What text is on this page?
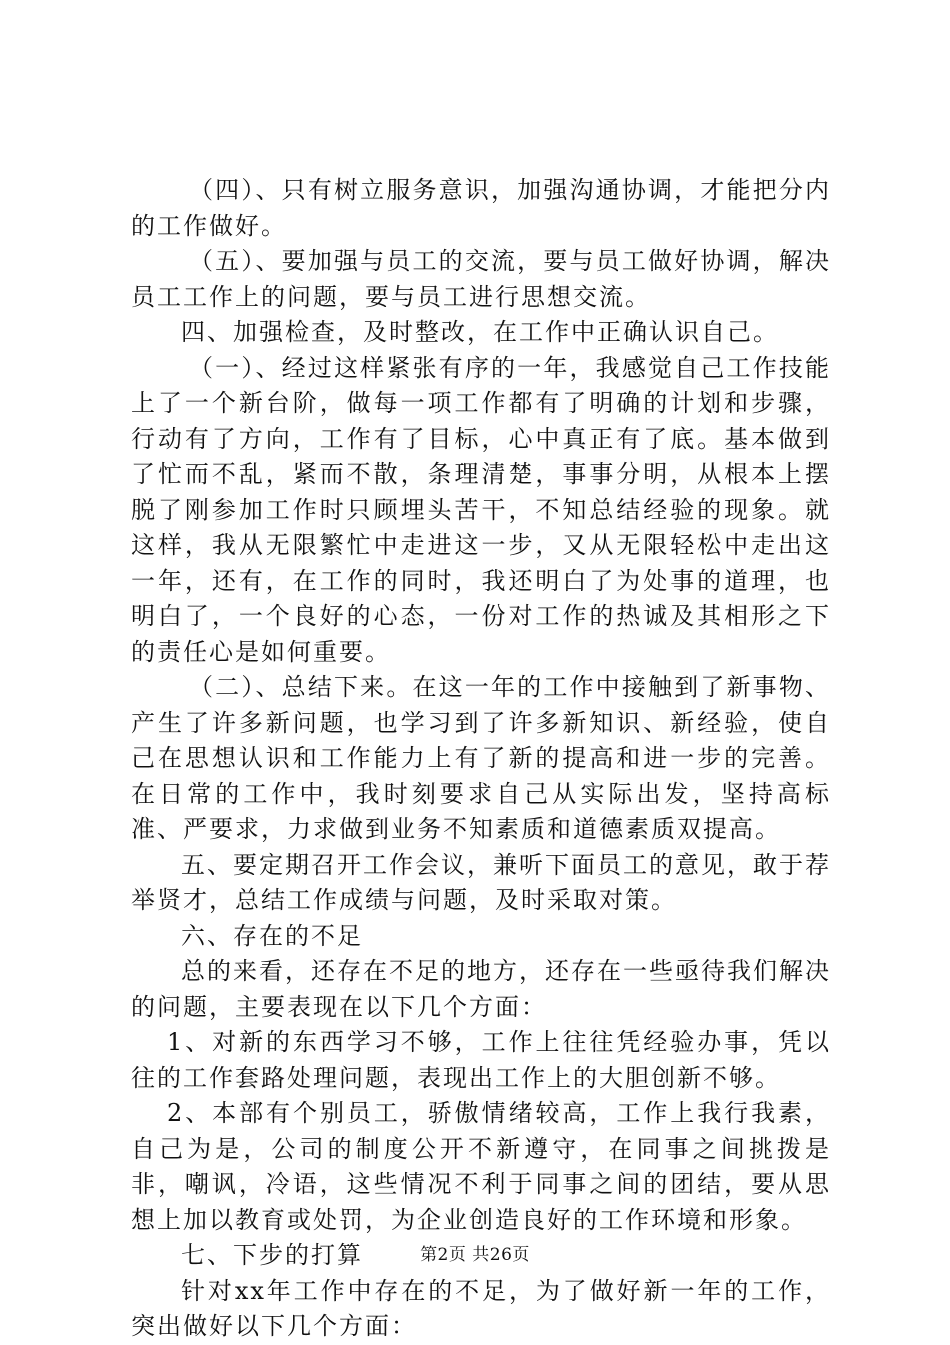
（四）、只有树立服务意识，加强沟通协调，才能把分内的工作做好。

（五）、要加强与员工的交流，要与员工做好协调，解决员工工作上的问题，要与员工进行思想交流。

四、加强检查，及时整改，在工作中正确认识自己。

（一）、经过这样紧张有序的一年，我感觉自己工作技能上了一个新台阶，做每一项工作都有了明确的计划和步骤，行动有了方向，工作有了目标，心中真正有了底。基本做到了忙而不乱，紧而不散，条理清楚，事事分明，从根本上摆脱了刚参加工作时只顾埋头苦干，不知总结经验的现象。就这样，我从无限繁忙中走进这一步，又从无限轻松中走出这一年，还有，在工作的同时，我还明白了为处事的道理，也明白了，一个良好的心态，一份对工作的热诚及其相形之下的责任心是如何重要。

（二）、总结下来。在这一年的工作中接触到了新事物、产生了许多新问题，也学习到了许多新知识、新经验，使自己在思想认识和工作能力上有了新的提高和进一步的完善。在日常的工作中，我时刻要求自己从实际出发，坚持高标准、严要求，力求做到业务不知素质和道德素质双提高。

五、要定期召开工作会议，兼听下面员工的意见，敢于荐举贤才，总结工作成绩与问题，及时采取对策。

六、存在的不足

总的来看，还存在不足的地方，还存在一些亟待我们解决的问题，主要表现在以下几个方面：

1、对新的东西学习不够，工作上往往凭经验办事，凭以往的工作套路处理问题，表现出工作上的大胆创新不够。

2、本部有个别员工，骄傲情绪较高，工作上我行我素，自己为是，公司的制度公开不新遵守，在同事之间挑拨是非，嘲讽，冷语，这些情况不利于同事之间的团结，要从思想上加以教育或处罚，为企业创造良好的工作环境和形象。

七、下步的打算

针对xx年工作中存在的不足，为了做好新一年的工作，突出做好以下几个方面：

第2页 共26页
